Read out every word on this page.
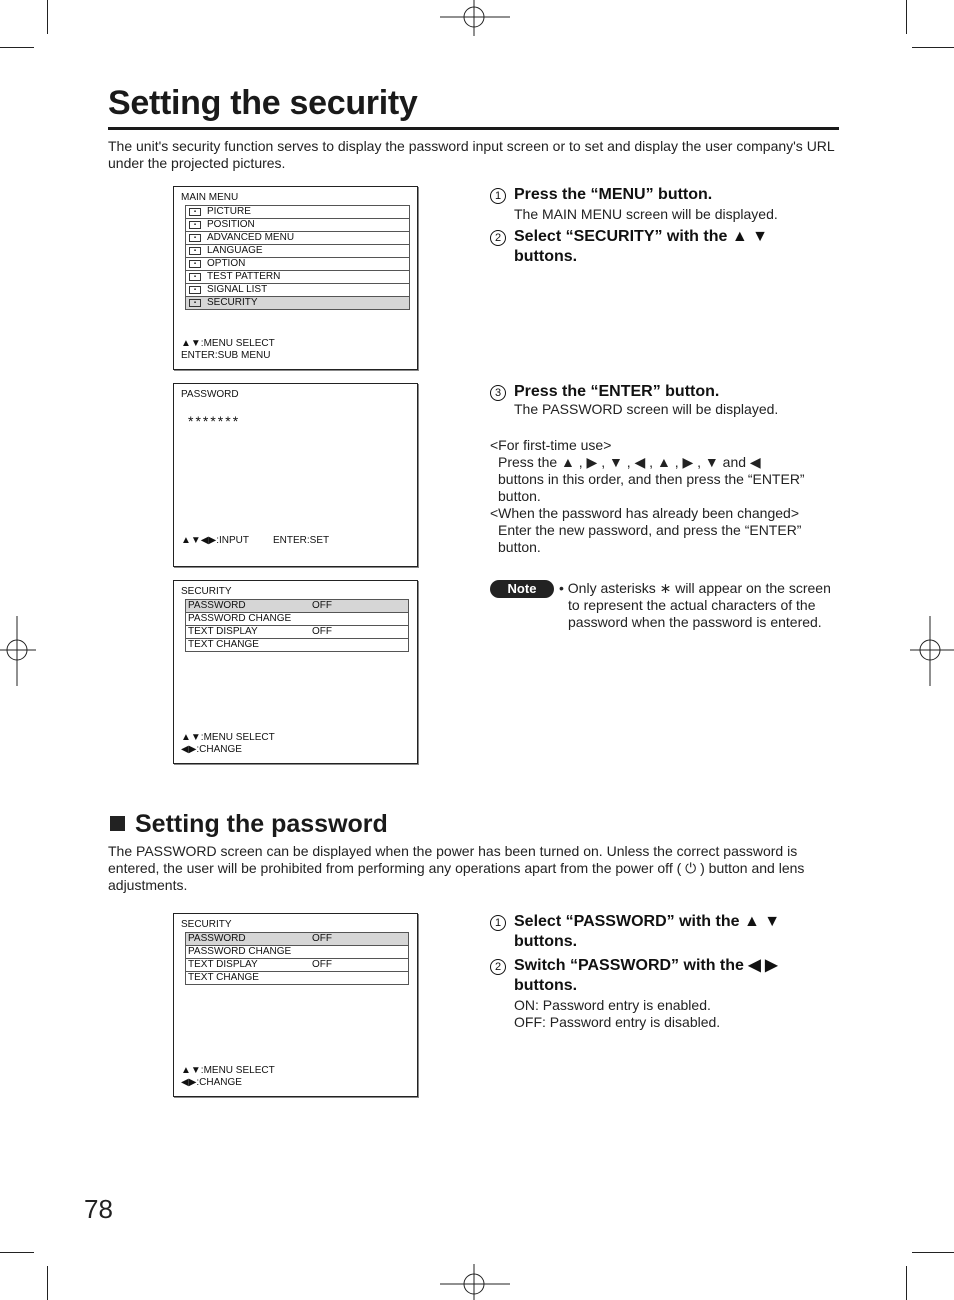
Setting the security
The unit's security function serves to display the password input screen or to set and display the user company's URL under the projected pictures.
MAIN MENU
▪	PICTURE
▪	POSITION
▪	ADVANCED MENU
▪	LANGUAGE
▪	OPTION
▪	TEST PATTERN
▪	SIGNAL LIST
▪	SECURITY
▲▼:MENU SELECT
ENTER:SUB MENU
PASSWORD
*******
▲▼◀▶:INPUT ENTER:SET
SECURITY
PASSWORD	OFF
PASSWORD CHANGE
TEXT DISPLAY	OFF
TEXT CHANGE
▲▼:MENU SELECT
◀▶:CHANGE
1 Press the “MENU” button.
The MAIN MENU screen will be displayed.
2 Select “SECURITY” with the ▲ ▼
buttons.
3 Press the “ENTER” button.
The PASSWORD screen will be displayed.
<For first-time use>
Press the ▲ , ▶ , ▼ , ◀ , ▲ , ▶ , ▼ and ◀
buttons in this order, and then press the “ENTER”
button.
<When the password has already been changed>
Enter the new password, and press the “ENTER”
button.
Note	• Only asterisks ∗ will appear on the screen
to represent the actual characters of the
password when the password is entered.
Setting the password
The PASSWORD screen can be displayed when the power has been turned on. Unless the correct password is
entered, the user will be prohibited from performing any operations apart from the power off ( ⏻ ) button and lens
adjustments.
SECURITY
PASSWORD	OFF
PASSWORD CHANGE
TEXT DISPLAY	OFF
TEXT CHANGE
▲▼:MENU SELECT
◀▶:CHANGE
1 Select “PASSWORD” with the ▲ ▼
buttons.
2 Switch “PASSWORD” with the ◀ ▶
buttons.
ON: Password entry is enabled.
OFF: Password entry is disabled.
78
